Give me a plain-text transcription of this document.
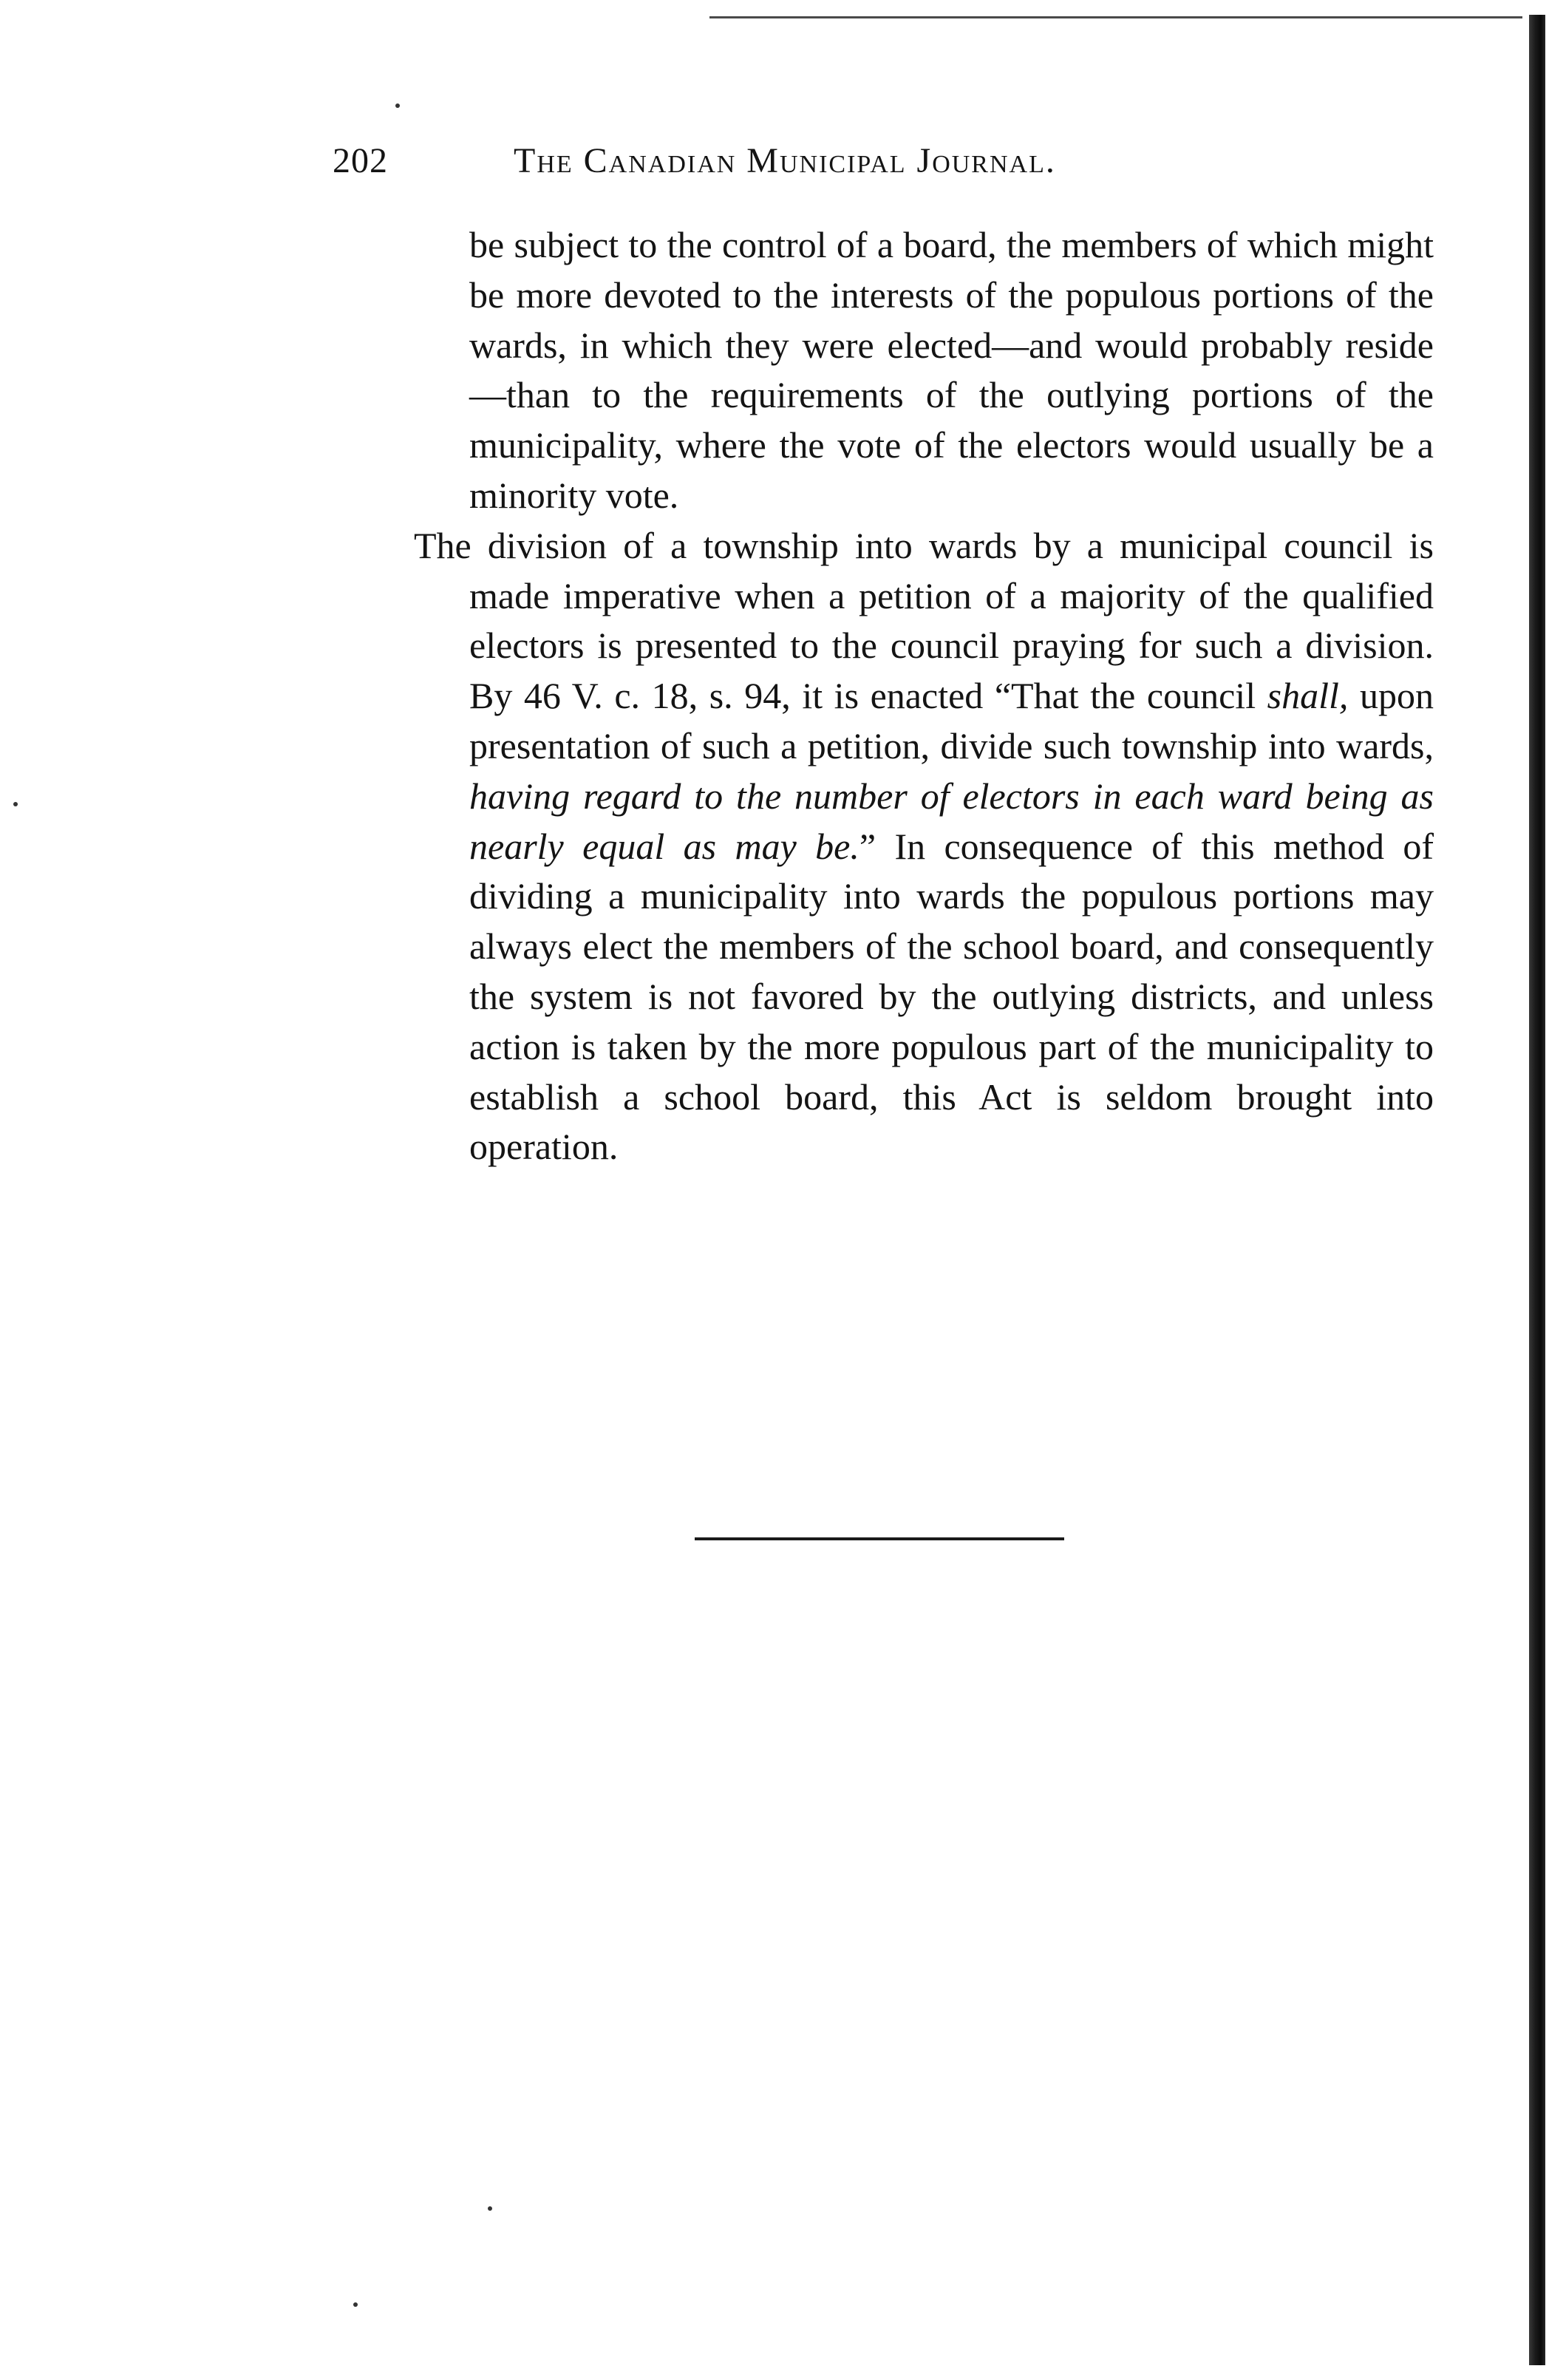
202	The Canadian Municipal Journal.

be subject to the control of a board, the members of which might be more devoted to the interests of the populous portions of the wards, in which they were elected—and would probably reside—than to the requirements of the outlying portions of the municipality, where the vote of the electors would usually be a minority vote.

The division of a township into wards by a municipal council is made imperative when a petition of a majority of the qualified electors is presented to the council praying for such a division. By 46 V. c. 18, s. 94, it is enacted “That the council shall, upon presentation of such a petition, divide such township into wards, having regard to the number of electors in each ward being as nearly equal as may be.” In consequence of this method of dividing a municipality into wards the populous portions may always elect the members of the school board, and consequently the system is not favored by the outlying districts, and unless action is taken by the more populous part of the municipality to establish a school board, this Act is seldom brought into operation.
